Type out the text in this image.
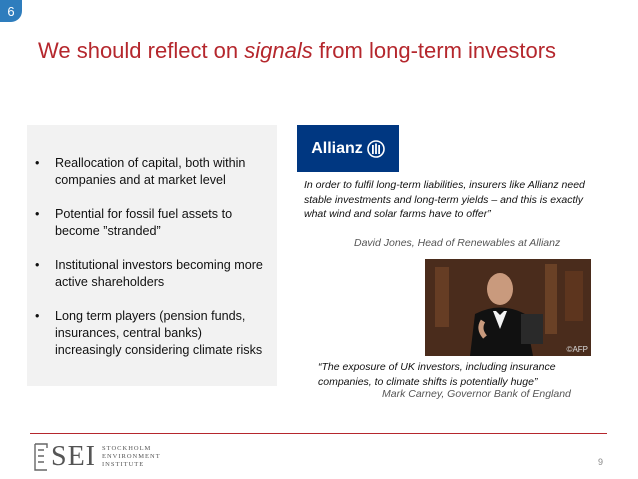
6
We should reflect on signals from long-term investors
• Reallocation of capital, both within companies and at market level
• Potential for fossil fuel assets to become ”stranded”
• Institutional investors becoming more active shareholders
• Long term players (pension funds, insurances, central banks) increasingly considering climate risks
Allianz
In order to fulfil long-term liabilities, insurers like Allianz need stable investments and long-term yields – and this is exactly what wind and solar farms have to offer”
David Jones, Head of Renewables at Allianz
©AFP
“The exposure of UK investors, including insurance companies, to climate shifts is potentially huge”
Mark Carney, Governor Bank of England
SEI STOCKHOLM
ENVIRONMENT
INSTITUTE	9
